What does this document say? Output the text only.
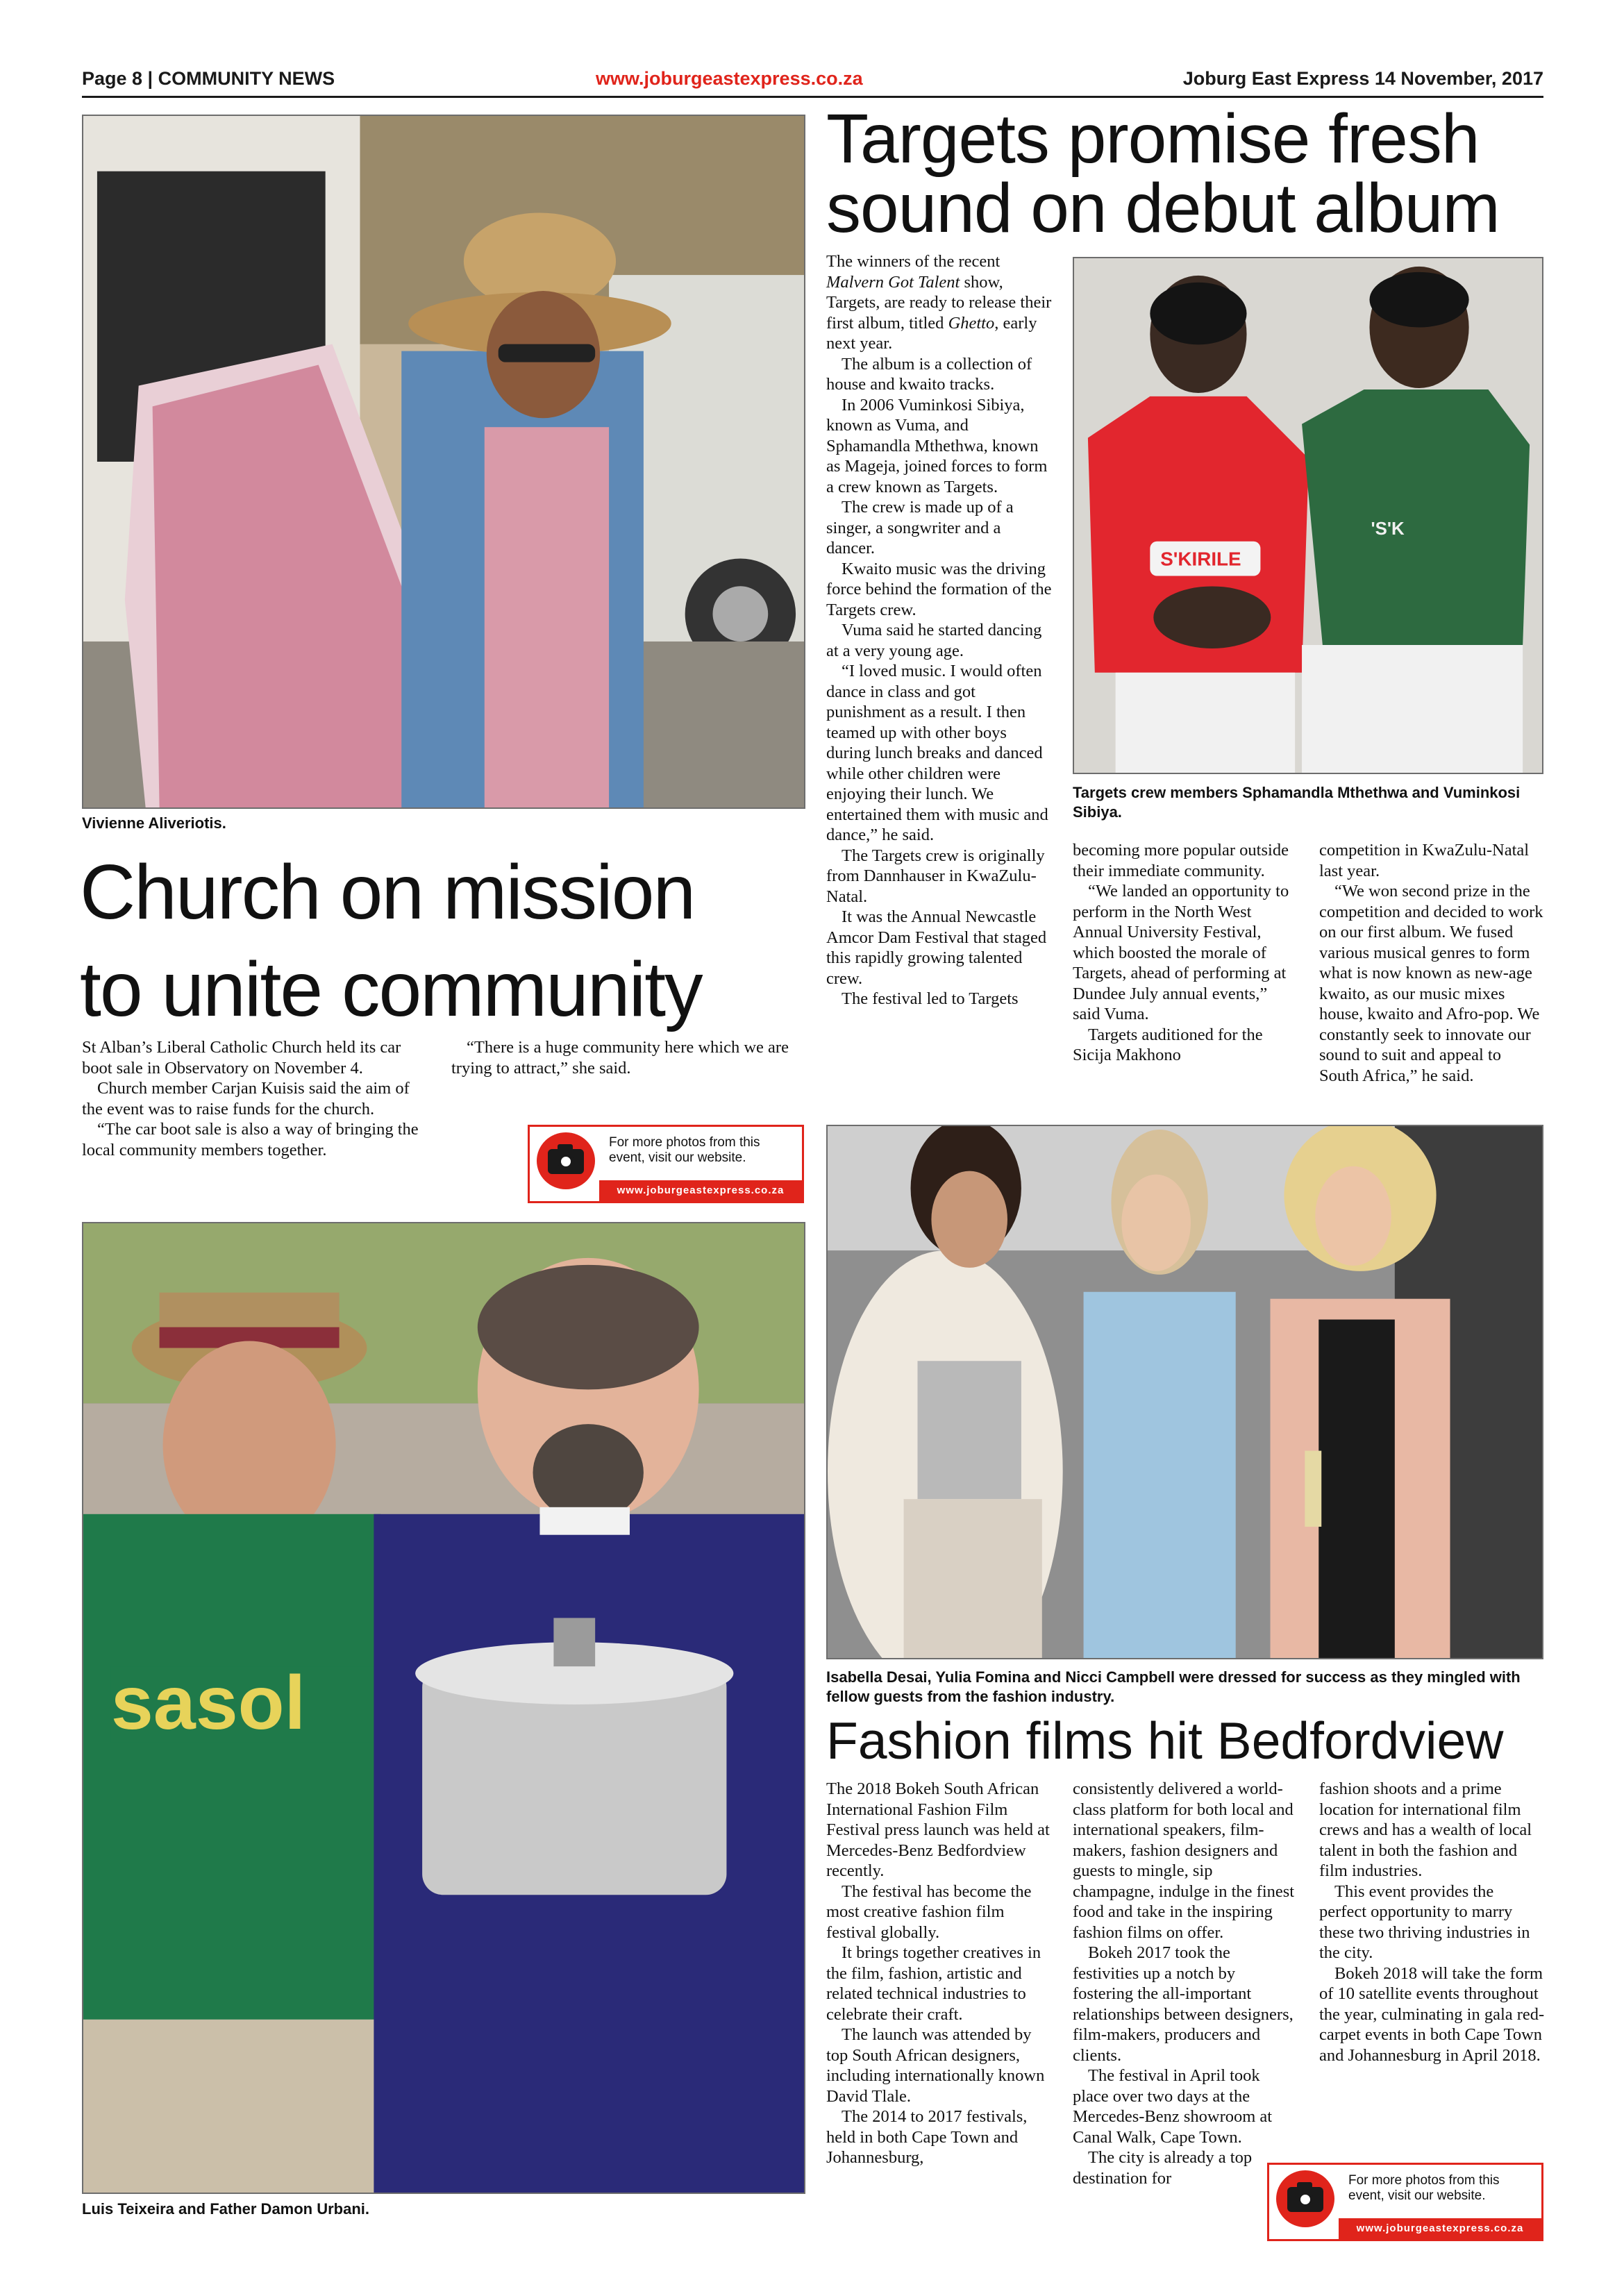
Page 8 | COMMUNITY NEWS	www.joburgeastexpress.co.za	Joburg East Express 14 November, 2017
Vivienne Aliveriotis.
Church on mission
to unite community

St Alban’s Liberal Catholic Church held its car boot sale in Observatory on November 4.

Church member Carjan Kuisis said the aim of the event was to raise funds for the church.

“The car boot sale is also a way of bringing the local community members together.

“There is a huge community here which we are trying to attract,” she said.

For more photos from this event, visit our website.
www.joburgeastexpress.co.za
sasol
Luis Teixeira and Father Damon Urbani.
Targets promise fresh
sound on debut album

The winners of the recent Malvern Got Talent show, Targets, are ready to release their first album, titled Ghetto, early next year.

The album is a collection of house and kwaito tracks.

In 2006 Vuminkosi Sibiya, known as Vuma, and Sphamandla Mthethwa, known as Mageja, joined forces to form a crew known as Targets.

The crew is made up of a singer, a songwriter and a dancer.

Kwaito music was the driving force behind the formation of the Targets crew.

Vuma said he started dancing at a very young age.

“I loved music. I would often dance in class and got punishment as a result. I then teamed up with other boys during lunch breaks and danced while other children were enjoying their lunch. We entertained them with music and dance,” he said.

The Targets crew is originally from Dannhauser in KwaZulu-Natal.

It was the Annual Newcastle Amcor Dam Festival that staged this rapidly growing talented crew.

The festival led to Targets

S'KIRILE
'S'K
Targets crew members Sphamandla Mthethwa and Vuminkosi Sibiya.

becoming more popular outside their immediate community.

“We landed an opportunity to perform in the North West Annual University Festival, which boosted the morale of Targets, ahead of performing at Dundee July annual events,” said Vuma.

Targets auditioned for the Sicija Makhono

competition in KwaZulu-Natal last year.

“We won second prize in the competition and decided to work on our first album. We fused various musical genres to form what is now known as new-age kwaito, as our music mixes house, kwaito and Afro-pop. We constantly seek to innovate our sound to suit and appeal to South Africa,” he said.

Isabella Desai, Yulia Fomina and Nicci Campbell were dressed for success as they mingled with fellow guests from the fashion industry.
Fashion films hit Bedfordview

The 2018 Bokeh South African International Fashion Film Festival press launch was held at Mercedes-Benz Bedfordview recently.

The festival has become the most creative fashion film festival globally.

It brings together creatives in the film, fashion, artistic and related technical industries to celebrate their craft.

The launch was attended by top South African designers, including internationally known David Tlale.

The 2014 to 2017 festivals, held in both Cape Town and Johannesburg,

consistently delivered a world-class platform for both local and international speakers, film-makers, fashion designers and guests to mingle, sip champagne, indulge in the finest food and take in the inspiring fashion films on offer.

Bokeh 2017 took the festivities up a notch by fostering the all-important relationships between designers, film-makers, producers and clients.

The festival in April took place over two days at the Mercedes-Benz showroom at Canal Walk, Cape Town.

The city is already a top destination for

fashion shoots and a prime location for international film crews and has a wealth of local talent in both the fashion and film industries.

This event provides the perfect opportunity to marry these two thriving industries in the city.

Bokeh 2018 will take the form of 10 satellite events throughout the year, culminating in gala red-carpet events in both Cape Town and Johannesburg in April 2018.

For more photos from this event, visit our website.
www.joburgeastexpress.co.za
